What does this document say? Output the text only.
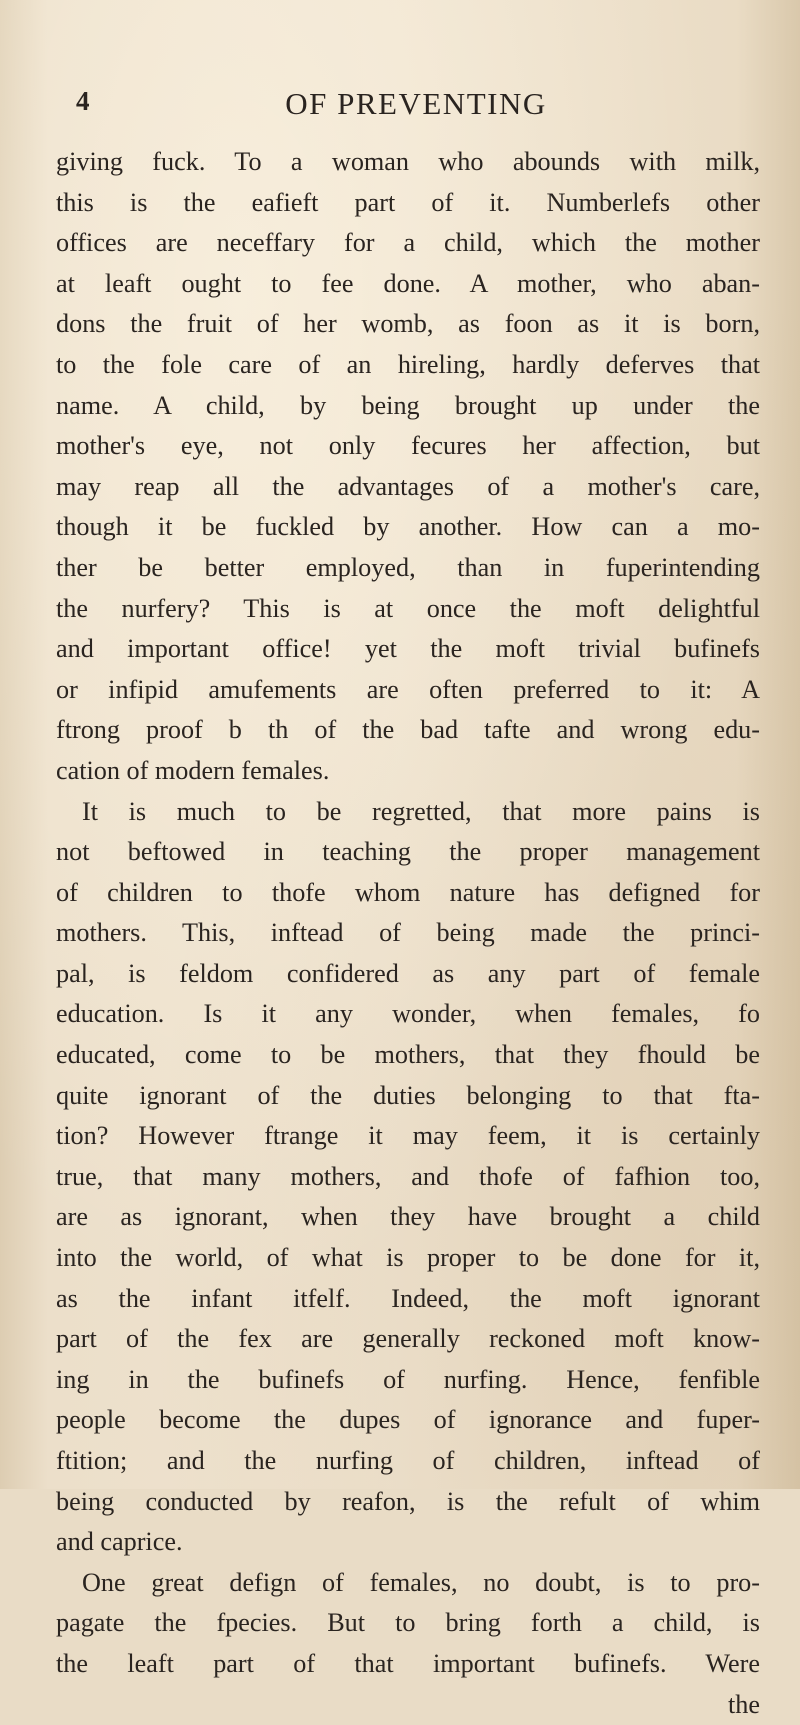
4	OF PREVENTING
giving fuck. To a woman who abounds with milk,
this is the eafieft part of it. Numberlefs other
offices are neceffary for a child, which the mother
at leaft ought to fee done. A mother, who aban-
dons the fruit of her womb, as foon as it is born,
to the fole care of an hireling, hardly deferves that
name. A child, by being brought up under the
mother's eye, not only fecures her affection, but
may reap all the advantages of a mother's care,
though it be fuckled by another. How can a mo-
ther be better employed, than in fuperintending
the nurfery? This is at once the moft delightful
and important office! yet the moft trivial bufinefs
or infipid amufements are often preferred to it: A
ftrong proof b th of the bad tafte and wrong edu-
cation of modern females.
It is much to be regretted, that more pains is
not beftowed in teaching the proper management
of children to thofe whom nature has defigned for
mothers. This, inftead of being made the princi-
pal, is feldom confidered as any part of female
education. Is it any wonder, when females, fo
educated, come to be mothers, that they fhould be
quite ignorant of the duties belonging to that fta-
tion? However ftrange it may feem, it is certainly
true, that many mothers, and thofe of fafhion too,
are as ignorant, when they have brought a child
into the world, of what is proper to be done for it,
as the infant itfelf. Indeed, the moft ignorant
part of the fex are generally reckoned moft know-
ing in the bufinefs of nurfing. Hence, fenfible
people become the dupes of ignorance and fuper-
ftition; and the nurfing of children, inftead of
being conducted by reafon, is the refult of whim
and caprice.
One great defign of females, no doubt, is to pro-
pagate the fpecies. But to bring forth a child, is
the leaft part of that important bufinefs. Were
the
